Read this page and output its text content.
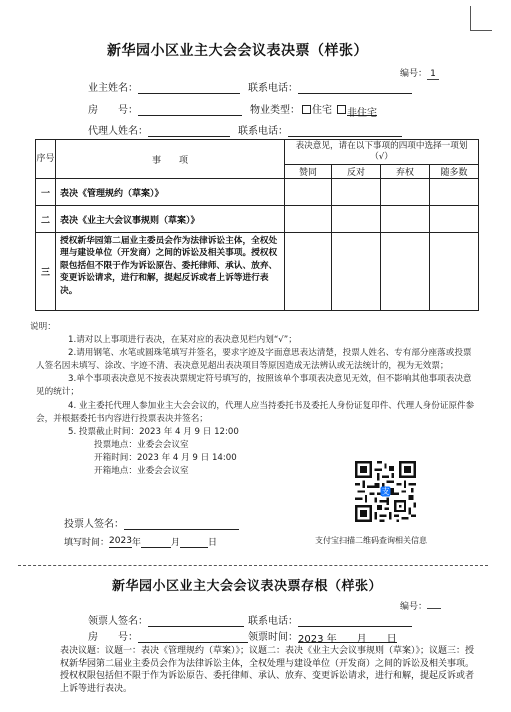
新华园小区业主大会会议表决票（样张）
编号： 1
业主姓名：	联系电话：
房　　号：	物业类型： 住宅 非住宅
代理人姓名：	联系电话：
序号	事　　项	表决意见，请在以下事项的四项中选择一项划（√）			
		赞同	反对	弃权	随多数
一	表决《管理规约（草案）》				
二	表决《业主大会议事规则（草案）》				
三	授权新华园第二届业主委员会作为法律诉讼主体，全权处理与建设单位（开发商）之间的诉讼及相关事项。授权权限包括但不限于作为诉讼原告、委托律师、承认、放弃、变更诉讼请求，进行和解，提起反诉或者上诉等进行表决。				

说明：

1.请对以上事项进行表决，在某对应的表决意见栏内划“√”；

2.请用钢笔、水笔或圆珠笔填写并签名，要求字迹及字面意思表达清楚，投票人姓名、专有部分座落或投票人签名因未填写、涂改、字迹不清、表决意见超出表决项目等原因造成无法辨认或无法统计的，视为无效票；

3.单个事项表决意见不按表决票规定符号填写的，按照该单个事项表决意见无效，但不影响其他事项表决意见的统计；

4. 业主委托代理人参加业主大会会议的，代理人应当持委托书及委托人身份证复印件、代理人身份证原件参会，并根据委托书内容进行投票表决并签名；

5. 投票截止时间：2023 年 4 月 9 日 12:00

投票地点：业委会会议室

开箱时间：2023 年 4 月 9 日 14:00

开箱地点：业委会会议室

支
投票人签名：
填写时间：2023年	月	日	支付宝扫描二维码查询相关信息
新华园小区业主大会会议表决票存根（样张）
编号：
领票人签名：	联系电话：
房　　号：	领票时间：2023 年　　月　　日
表决议题：议题一：表决《管理规约（草案）》；议题二：表决《业主大会议事规则（草案）》；议题三：授权新华园第二届业主委员会作为法律诉讼主体，全权处理与建设单位（开发商）之间的诉讼及相关事项。授权权限包括但不限于作为诉讼原告、委托律师、承认、放弃、变更诉讼请求，进行和解，提起反诉或者上诉等进行表决。
